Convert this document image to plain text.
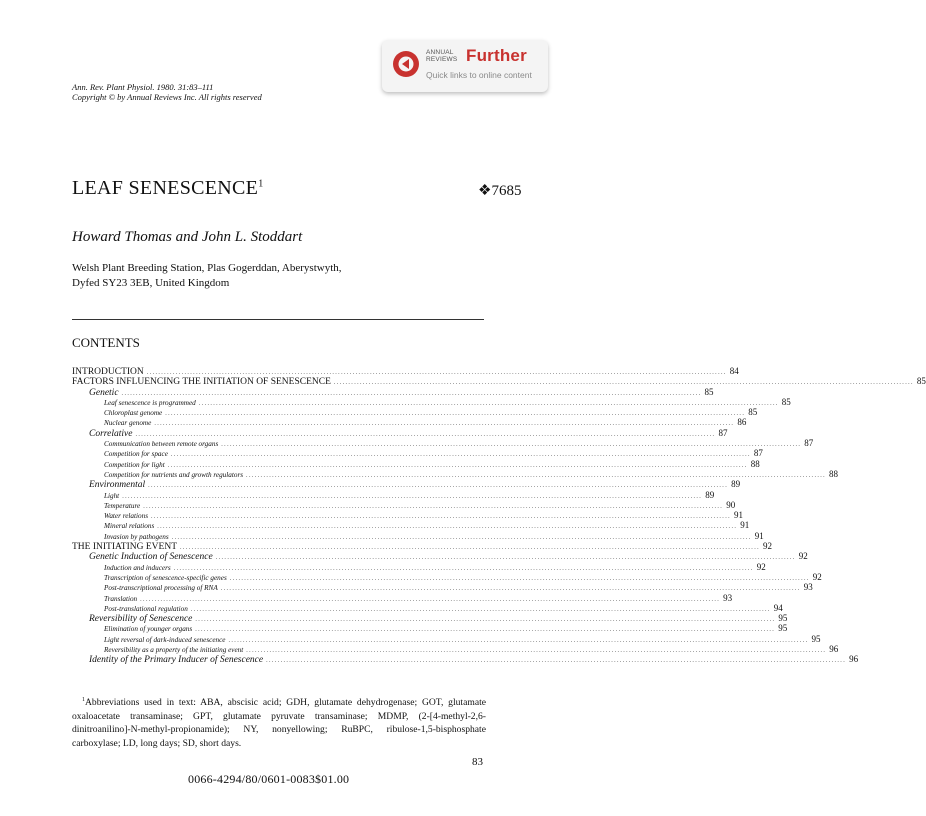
ANNUAL
REVIEWS Further
Quick links to online content
Ann. Rev. Plant Physiol. 1980. 31:83–111
Copyright © by Annual Reviews Inc. All rights reserved
LEAF SENESCENCE$^1$	❖7685
Howard Thomas and John L. Stoddart
Welsh Plant Breeding Station, Plas Gogerddan, Aberystwyth,
Dyfed SY23 3EB, United Kingdom
CONTENTS
INTRODUCTION ........................................................................................................................................................................................................ 84
FACTORS INFLUENCING THE INITIATION OF SENESCENCE ........................................................................................................................................................................................................ 85
Genetic ........................................................................................................................................................................................................ 85
Leaf senescence is programmed ........................................................................................................................................................................................................ 85
Chloroplast genome ........................................................................................................................................................................................................ 85
Nuclear genome ........................................................................................................................................................................................................ 86
Correlative ........................................................................................................................................................................................................ 87
Communication between remote organs ........................................................................................................................................................................................................ 87
Competition for space ........................................................................................................................................................................................................ 87
Competition for light ........................................................................................................................................................................................................ 88
Competition for nutrients and growth regulators ........................................................................................................................................................................................................ 88
Environmental ........................................................................................................................................................................................................ 89
Light ........................................................................................................................................................................................................ 89
Temperature ........................................................................................................................................................................................................ 90
Water relations ........................................................................................................................................................................................................ 91
Mineral relations ........................................................................................................................................................................................................ 91
Invasion by pathogens ........................................................................................................................................................................................................ 91
THE INITIATING EVENT ........................................................................................................................................................................................................ 92
Genetic Induction of Senescence ........................................................................................................................................................................................................ 92
Induction and inducers ........................................................................................................................................................................................................ 92
Transcription of senescence-specific genes ........................................................................................................................................................................................................ 92
Post-transcriptional processing of RNA ........................................................................................................................................................................................................ 93
Translation ........................................................................................................................................................................................................ 93
Post-translational regulation ........................................................................................................................................................................................................ 94
Reversibility of Senescence ........................................................................................................................................................................................................ 95
Elimination of younger organs ........................................................................................................................................................................................................ 95
Light reversal of dark-induced senescence ........................................................................................................................................................................................................ 95
Reversibility as a property of the initiating event ........................................................................................................................................................................................................ 96
Identity of the Primary Inducer of Senescence ........................................................................................................................................................................................................ 96
$^1$Abbreviations used in text: ABA, abscisic acid; GDH, glutamate dehydrogenase; GOT, glutamate oxaloacetate transaminase; GPT, glutamate pyruvate transaminase; MDMP, (2-[4-methyl-2,6-dinitroanilino]-N-methyl-propionamide); NY, nonyellowing; RuBPC, ribulose-1,5-bisphosphate carboxylase; LD, long days; SD, short days.
83
0066-4294/80/0601-0083$01.00
